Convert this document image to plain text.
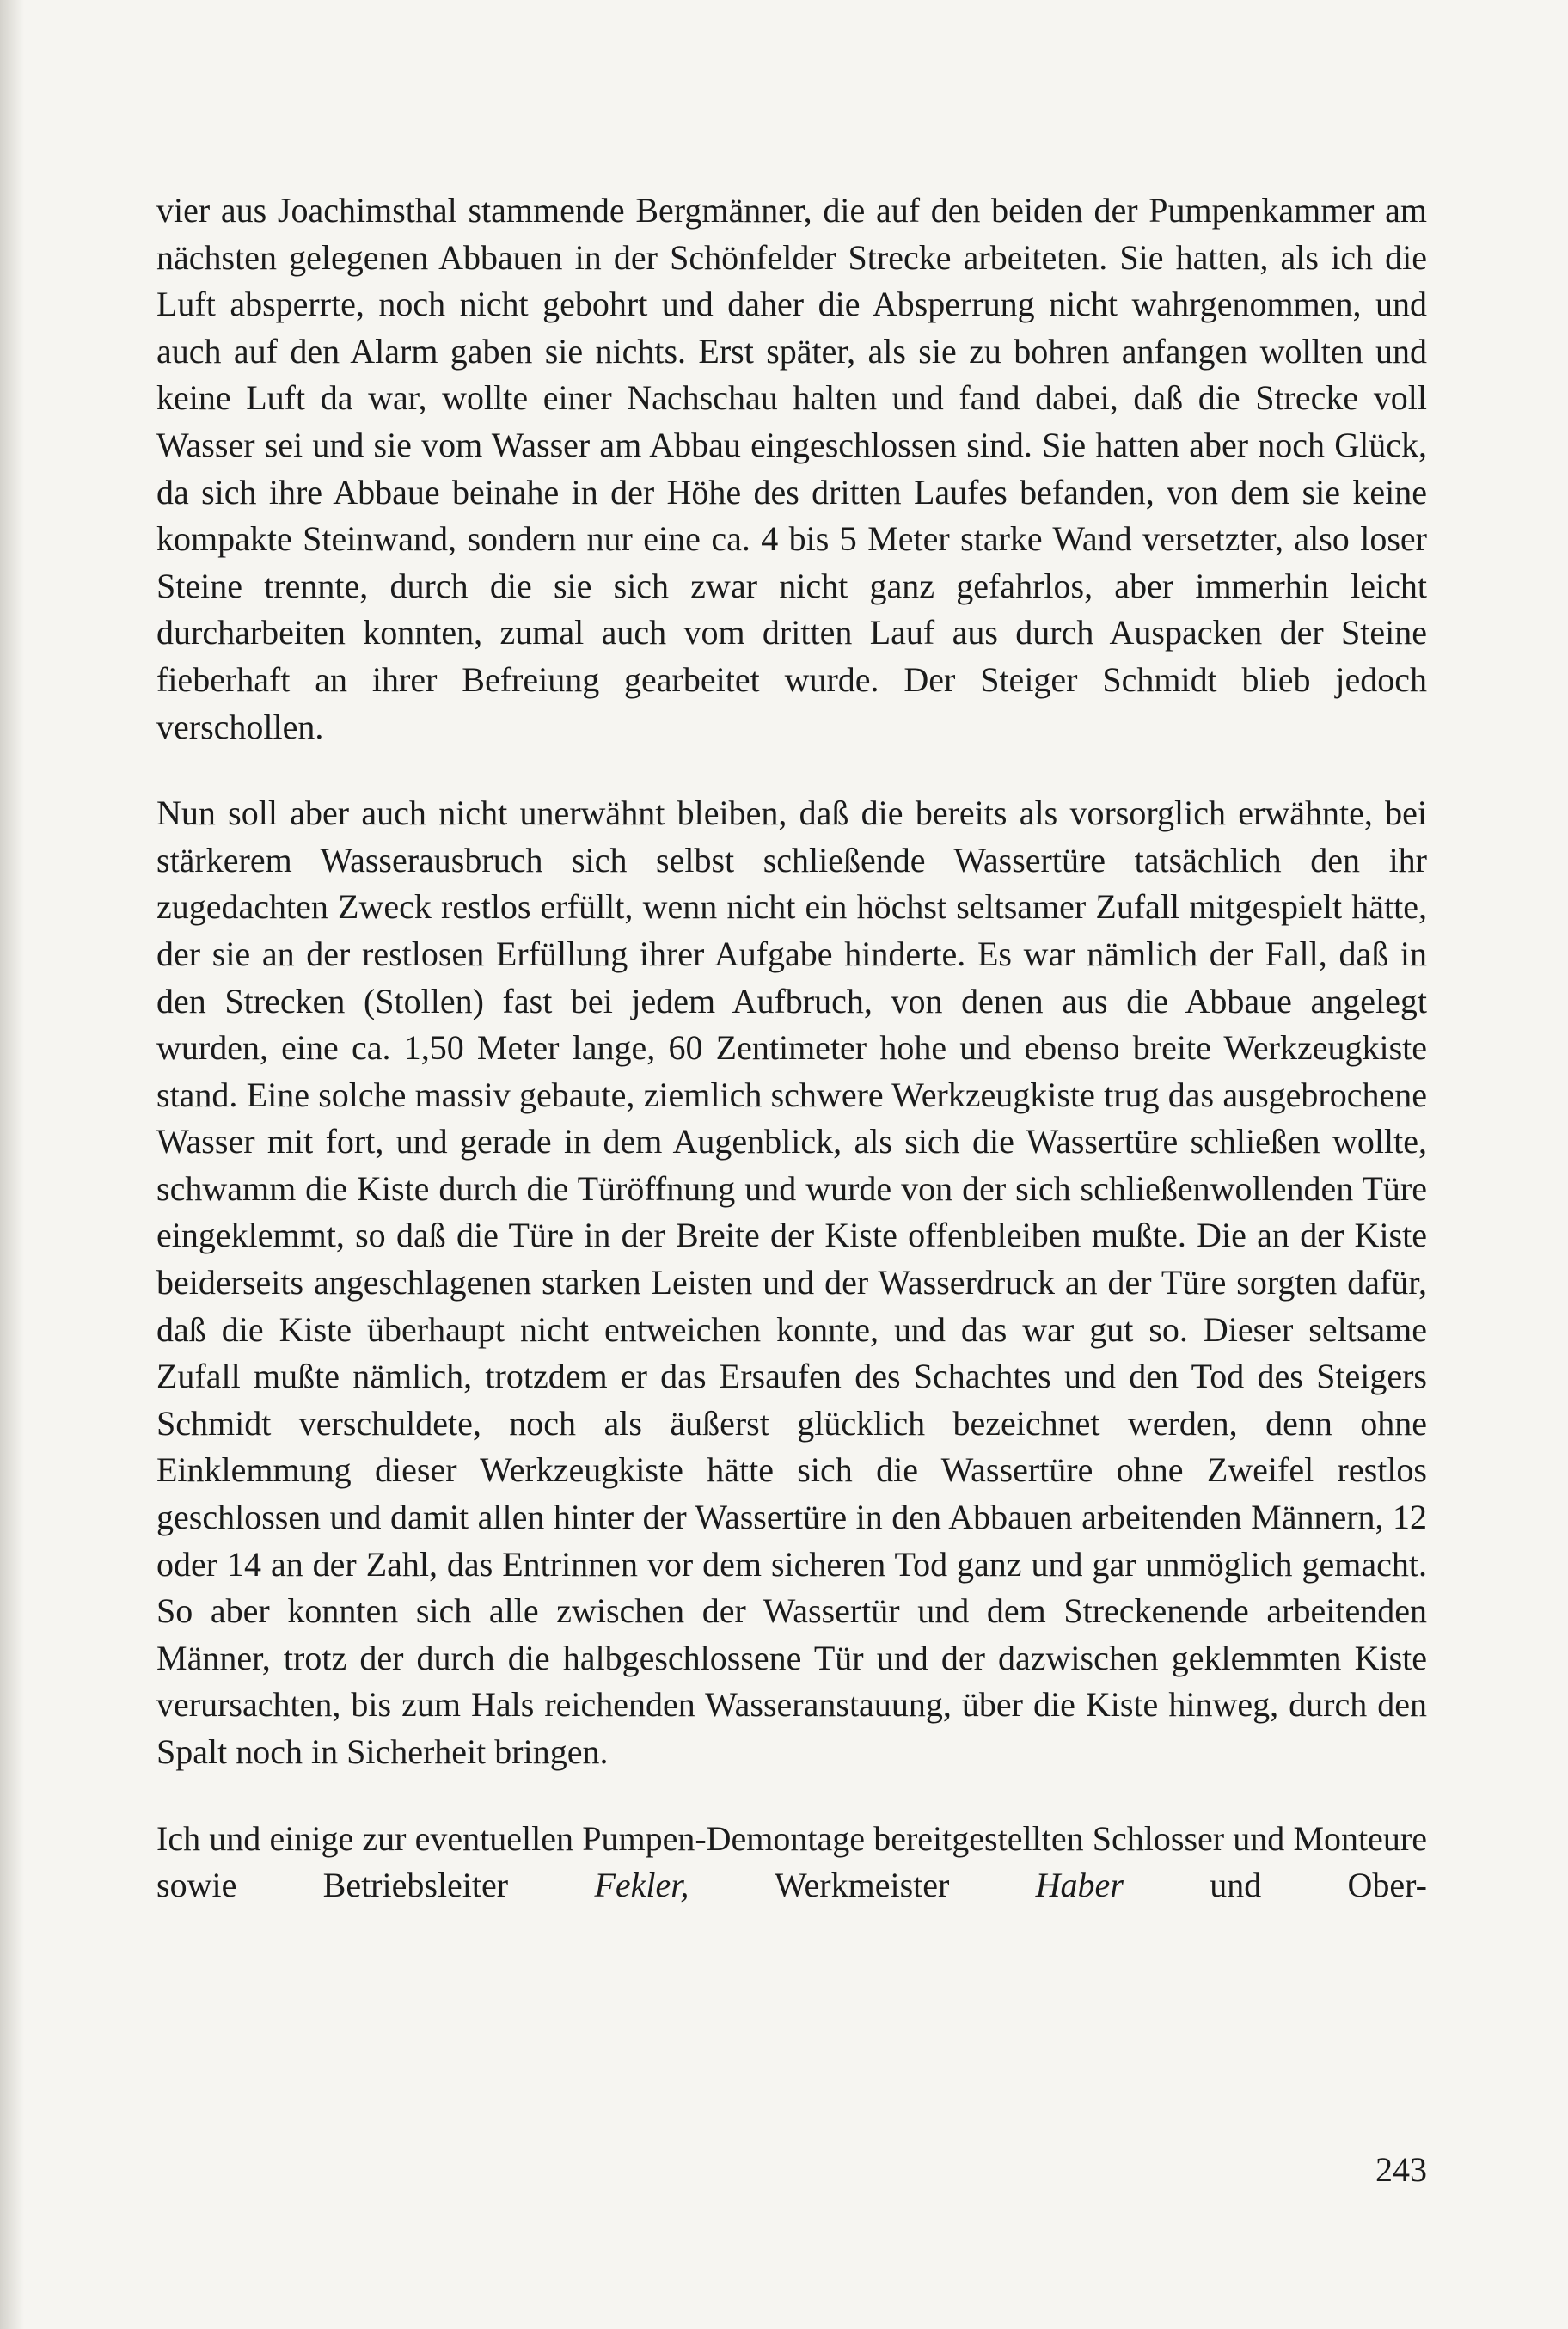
vier aus Joachimsthal stammende Bergmänner, die auf den beiden der Pumpenkammer am nächsten gelegenen Abbauen in der Schönfelder Strecke arbeiteten. Sie hatten, als ich die Luft absperrte, noch nicht gebohrt und daher die Absperrung nicht wahrgenommen, und auch auf den Alarm gaben sie nichts. Erst später, als sie zu bohren anfangen wollten und keine Luft da war, wollte einer Nachschau halten und fand dabei, daß die Strecke voll Wasser sei und sie vom Wasser am Abbau eingeschlossen sind. Sie hatten aber noch Glück, da sich ihre Abbaue beinahe in der Höhe des dritten Laufes befanden, von dem sie keine kompakte Steinwand, sondern nur eine ca. 4 bis 5 Meter starke Wand versetzter, also loser Steine trennte, durch die sie sich zwar nicht ganz gefahrlos, aber immerhin leicht durcharbeiten konnten, zumal auch vom dritten Lauf aus durch Auspacken der Steine fieberhaft an ihrer Befreiung gearbeitet wurde. Der Steiger Schmidt blieb jedoch verschollen.

Nun soll aber auch nicht unerwähnt bleiben, daß die bereits als vorsorglich erwähnte, bei stärkerem Wasserausbruch sich selbst schließende Wassertüre tatsächlich den ihr zugedachten Zweck restlos erfüllt, wenn nicht ein höchst seltsamer Zufall mitgespielt hätte, der sie an der restlosen Erfüllung ihrer Aufgabe hinderte. Es war nämlich der Fall, daß in den Strecken (Stollen) fast bei jedem Aufbruch, von denen aus die Abbaue angelegt wurden, eine ca. 1,50 Meter lange, 60 Zentimeter hohe und ebenso breite Werkzeugkiste stand. Eine solche massiv gebaute, ziemlich schwere Werkzeugkiste trug das ausgebrochene Wasser mit fort, und gerade in dem Augenblick, als sich die Wassertüre schließen wollte, schwamm die Kiste durch die Türöffnung und wurde von der sich schließenwollenden Türe eingeklemmt, so daß die Türe in der Breite der Kiste offenbleiben mußte. Die an der Kiste beiderseits angeschlagenen starken Leisten und der Wasserdruck an der Türe sorgten dafür, daß die Kiste überhaupt nicht entweichen konnte, und das war gut so. Dieser seltsame Zufall mußte nämlich, trotzdem er das Ersaufen des Schachtes und den Tod des Steigers Schmidt verschuldete, noch als äußerst glücklich bezeichnet werden, denn ohne Einklemmung dieser Werkzeugkiste hätte sich die Wassertüre ohne Zweifel restlos geschlossen und damit allen hinter der Wassertüre in den Abbauen arbeitenden Männern, 12 oder 14 an der Zahl, das Entrinnen vor dem sicheren Tod ganz und gar unmöglich gemacht. So aber konnten sich alle zwischen der Wassertür und dem Streckenende arbeitenden Männer, trotz der durch die halbgeschlossene Tür und der dazwischen geklemmten Kiste verursachten, bis zum Hals reichenden Wasseranstauung, über die Kiste hinweg, durch den Spalt noch in Sicherheit bringen.

Ich und einige zur eventuellen Pumpen-Demontage bereitgestellten Schlosser und Monteure sowie Betriebsleiter Fekler, Werkmeister Haber und Ober-

243
